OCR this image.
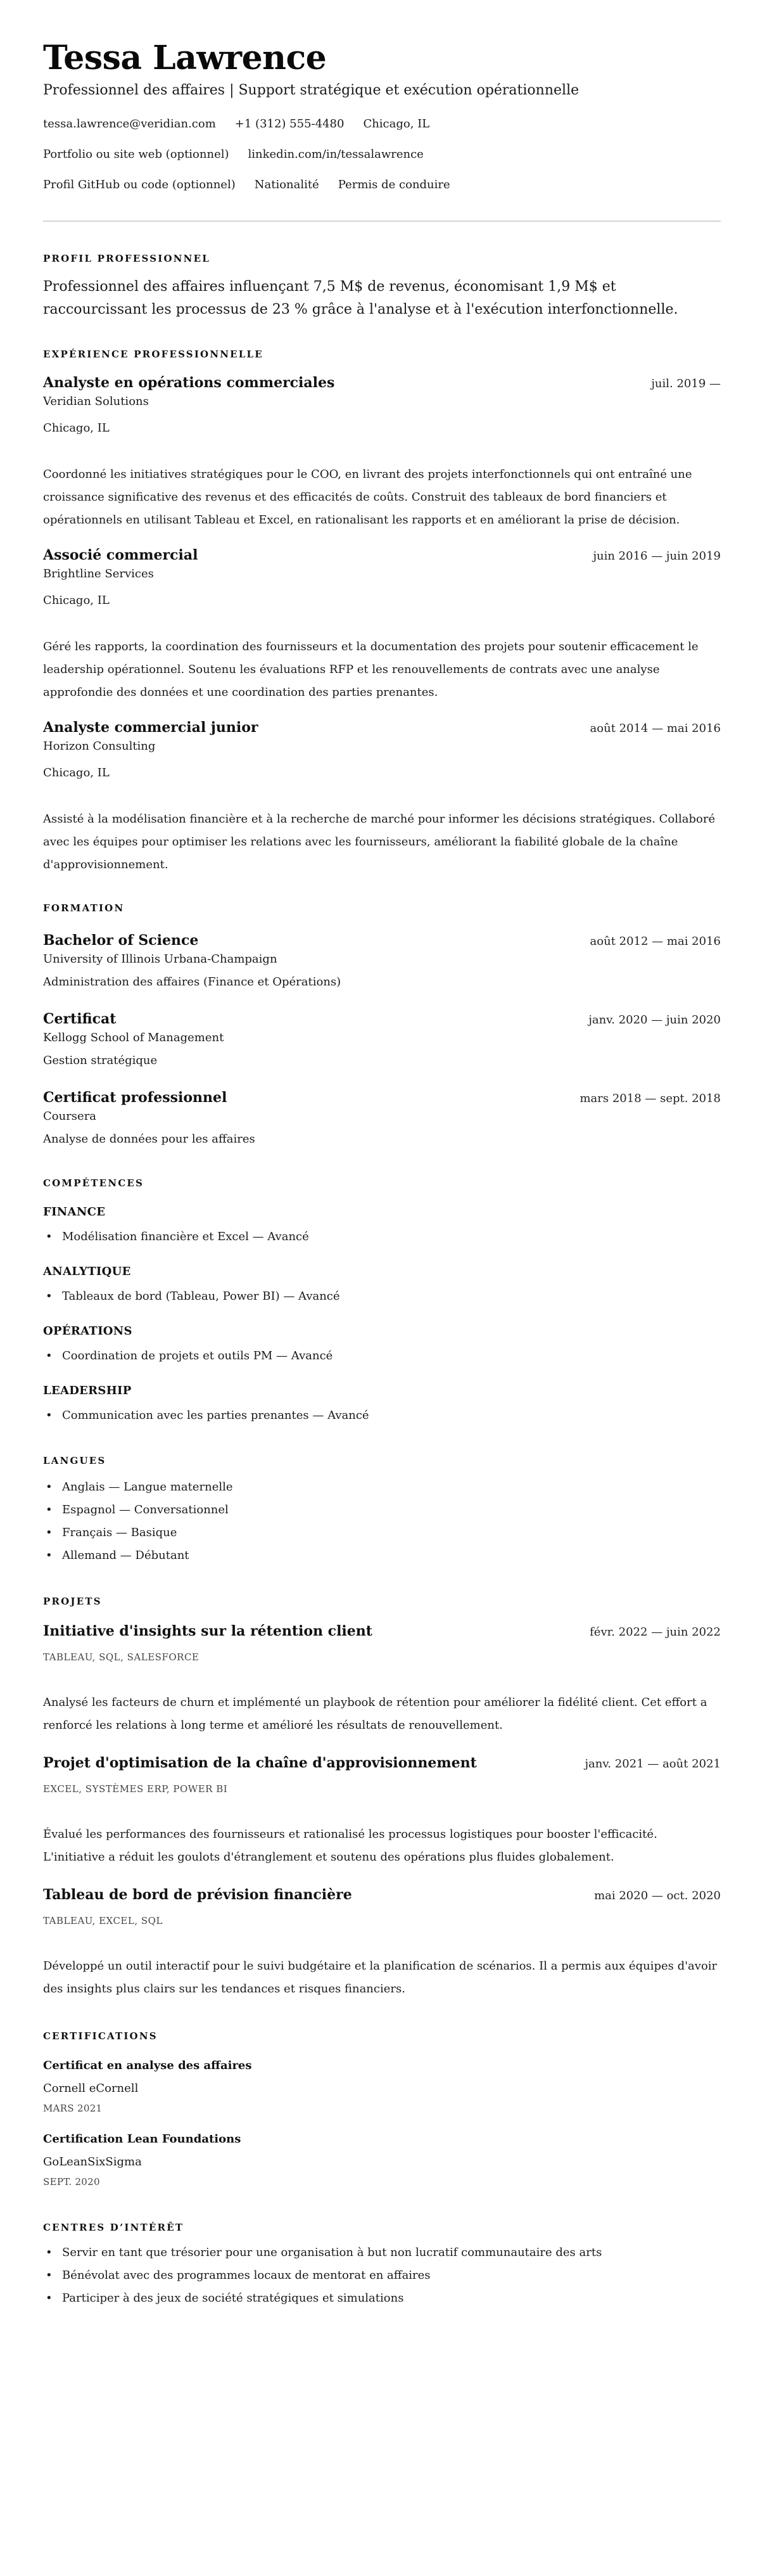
Tessa Lawrence
Professionnel des affaires | Support stratégique et exécution opérationnelle
tessa.lawrence@veridian.com +1 (312) 555-4480 Chicago, IL
Portfolio ou site web (optionnel) linkedin.com/in/tessalawrence
Profil GitHub ou code (optionnel) Nationalité Permis de conduire
PROFIL PROFESSIONNEL

Professionnel des affaires influençant 7,5 M$ de revenus, économisant 1,9 M$ et raccourcissant les processus de 23 % grâce à l'analyse et à l'exécution interfonctionnelle.

EXPÉRIENCE PROFESSIONNELLE
Analyste en opérations commerciales	juil. 2019 —
Veridian Solutions
Chicago, IL

Coordonné les initiatives stratégiques pour le COO, en livrant des projets interfonctionnels qui ont entraîné une croissance significative des revenus et des efficacités de coûts. Construit des tableaux de bord financiers et opérationnels en utilisant Tableau et Excel, en rationalisant les rapports et en améliorant la prise de décision.

Associé commercial	juin 2016 — juin 2019
Brightline Services
Chicago, IL

Géré les rapports, la coordination des fournisseurs et la documentation des projets pour soutenir efficacement le leadership opérationnel. Soutenu les évaluations RFP et les renouvellements de contrats avec une analyse approfondie des données et une coordination des parties prenantes.

Analyste commercial junior	août 2014 — mai 2016
Horizon Consulting
Chicago, IL

Assisté à la modélisation financière et à la recherche de marché pour informer les décisions stratégiques. Collaboré avec les équipes pour optimiser les relations avec les fournisseurs, améliorant la fiabilité globale de la chaîne d'approvisionnement.

FORMATION
Bachelor of Science	août 2012 — mai 2016
University of Illinois Urbana-Champaign
Administration des affaires (Finance et Opérations)
Certificat	janv. 2020 — juin 2020
Kellogg School of Management
Gestion stratégique
Certificat professionnel	mars 2018 — sept. 2018
Coursera
Analyse de données pour les affaires
COMPÉTENCES
FINANCE
• Modélisation financière et Excel — Avancé
ANALYTIQUE
• Tableaux de bord (Tableau, Power BI) — Avancé
OPÉRATIONS
• Coordination de projets et outils PM — Avancé
LEADERSHIP
• Communication avec les parties prenantes — Avancé
LANGUES
• Anglais — Langue maternelle
• Espagnol — Conversationnel
• Français — Basique
• Allemand — Débutant
PROJETS
Initiative d'insights sur la rétention client	févr. 2022 — juin 2022
TABLEAU, SQL, SALESFORCE

Analysé les facteurs de churn et implémenté un playbook de rétention pour améliorer la fidélité client. Cet effort a renforcé les relations à long terme et amélioré les résultats de renouvellement.

Projet d'optimisation de la chaîne d'approvisionnement	janv. 2021 — août 2021
EXCEL, SYSTÈMES ERP, POWER BI

Évalué les performances des fournisseurs et rationalisé les processus logistiques pour booster l'efficacité. L'initiative a réduit les goulots d'étranglement et soutenu des opérations plus fluides globalement.

Tableau de bord de prévision financière	mai 2020 — oct. 2020
TABLEAU, EXCEL, SQL

Développé un outil interactif pour le suivi budgétaire et la planification de scénarios. Il a permis aux équipes d'avoir des insights plus clairs sur les tendances et risques financiers.

CERTIFICATIONS
Certificat en analyse des affaires
Cornell eCornell
MARS 2021
Certification Lean Foundations
GoLeanSixSigma
SEPT. 2020
CENTRES D’INTÉRÊT
• Servir en tant que trésorier pour une organisation à but non lucratif communautaire des arts
• Bénévolat avec des programmes locaux de mentorat en affaires
• Participer à des jeux de société stratégiques et simulations
